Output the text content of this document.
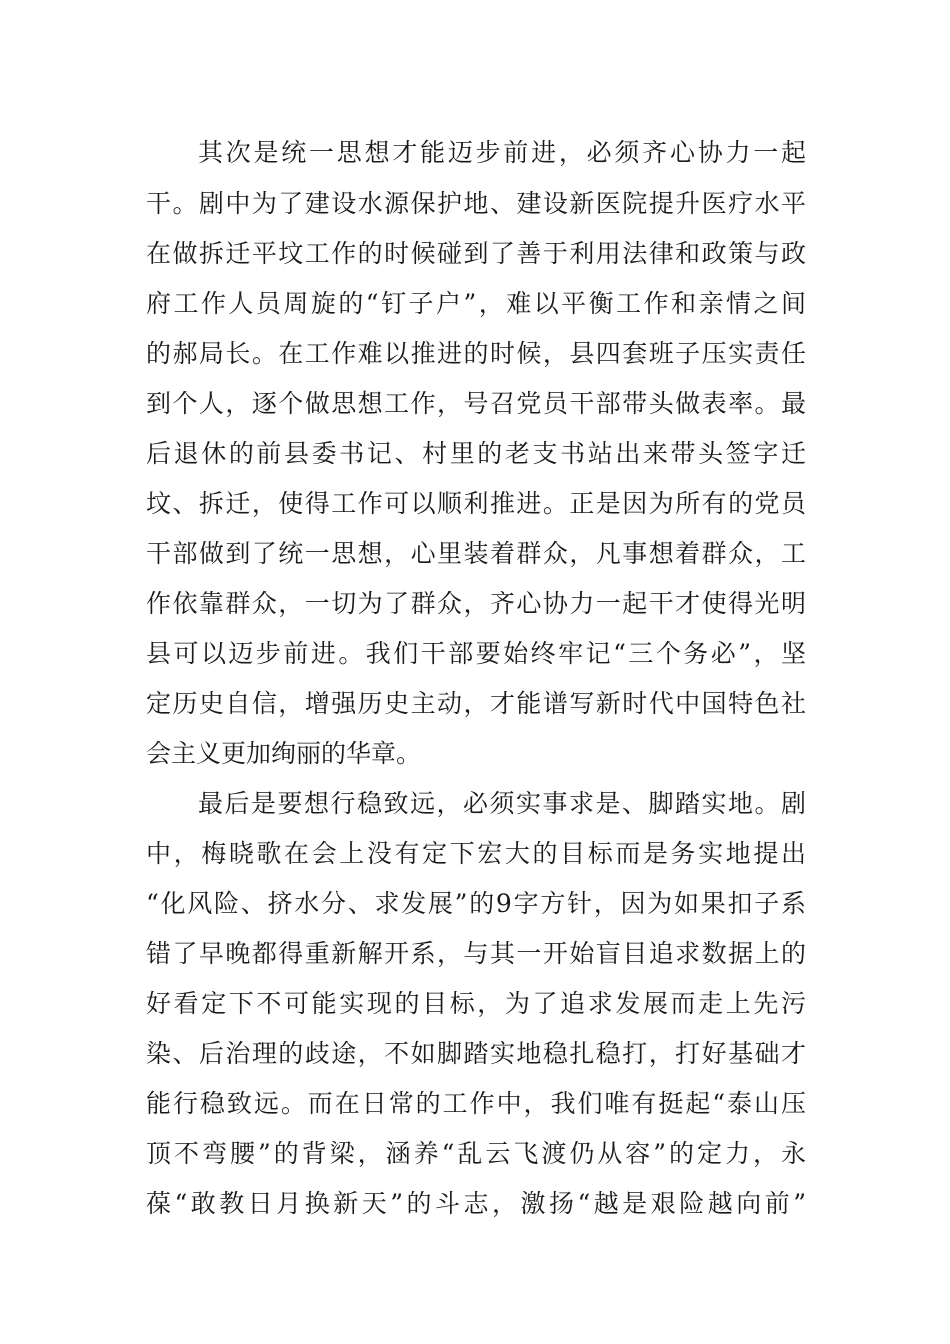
其次是统一思想才能迈步前进，必须齐心协力一起
干。剧中为了建设水源保护地、建设新医院提升医疗水平
在做拆迁平坟工作的时候碰到了善于利用法律和政策与政
府工作人员周旋的“钉子户”，难以平衡工作和亲情之间
的郝局长。在工作难以推进的时候，县四套班子压实责任
到个人，逐个做思想工作，号召党员干部带头做表率。最
后退休的前县委书记、村里的老支书站出来带头签字迁
坟、拆迁，使得工作可以顺利推进。正是因为所有的党员
干部做到了统一思想，心里装着群众，凡事想着群众，工
作依靠群众，一切为了群众，齐心协力一起干才使得光明
县可以迈步前进。我们干部要始终牢记“三个务必”，坚
定历史自信，增强历史主动，才能谱写新时代中国特色社
会主义更加绚丽的华章。
最后是要想行稳致远，必须实事求是、脚踏实地。剧
中，梅晓歌在会上没有定下宏大的目标而是务实地提出
“化风险、挤水分、求发展”的9字方针，因为如果扣子系
错了早晚都得重新解开系，与其一开始盲目追求数据上的
好看定下不可能实现的目标，为了追求发展而走上先污
染、后治理的歧途，不如脚踏实地稳扎稳打，打好基础才
能行稳致远。而在日常的工作中，我们唯有挺起“泰山压
顶不弯腰”的背梁，涵养“乱云飞渡仍从容”的定力，永
葆“敢教日月换新天”的斗志，激扬“越是艰险越向前”
